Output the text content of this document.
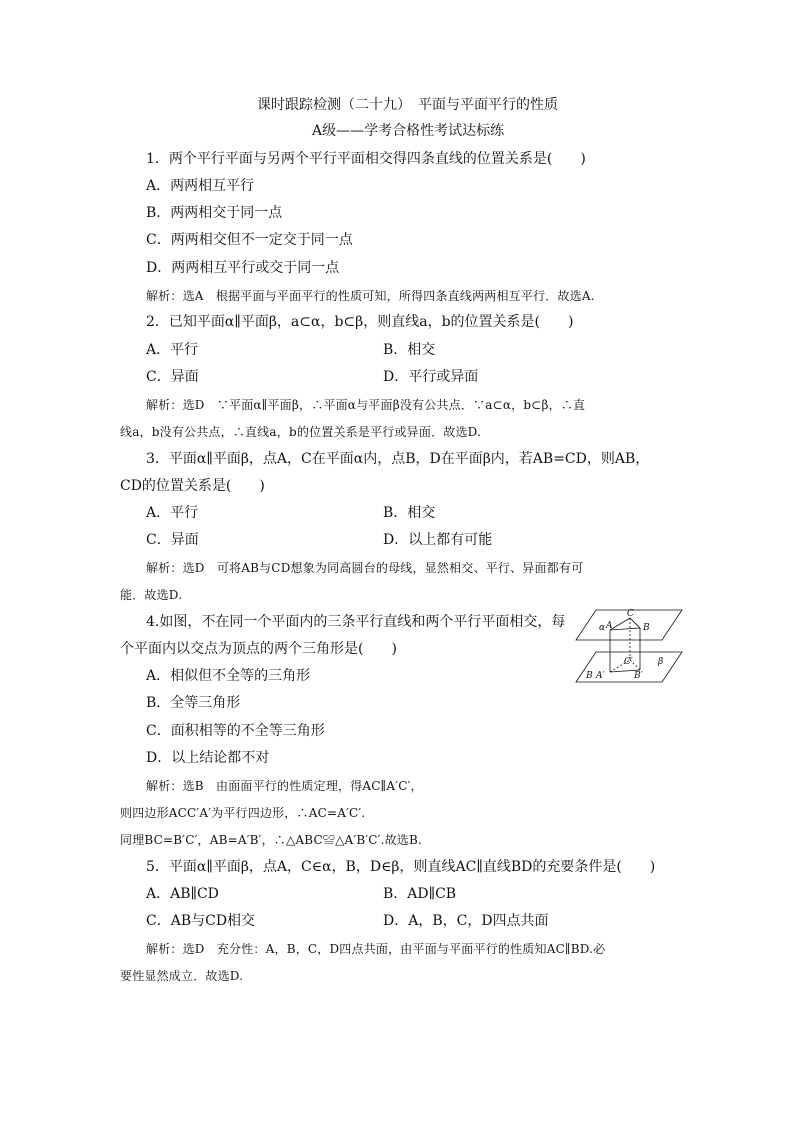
课时跟踪检测（二十九）　平面与平面平行的性质
A级——学考合格性考试达标练
1．两个平行平面与另两个平行平面相交得四条直线的位置关系是(　　)
A．两两相互平行
B．两两相交于同一点
C．两两相交但不一定交于同一点
D．两两相互平行或交于同一点
解析：选A　根据平面与平面平行的性质可知，所得四条直线两两相互平行．故选A.
2．已知平面α∥平面β，a⊂α，b⊂β，则直线a，b的位置关系是(　　)
A．平行	B．相交
C．异面	D．平行或异面
解析：选D　∵平面α∥平面β，∴平面α与平面β没有公共点．∵a⊂α，b⊂β，∴直
线a，b没有公共点，∴直线a，b的位置关系是平行或异面．故选D.
3．平面α∥平面β，点A，C在平面α内，点B，D在平面β内，若AB=CD，则AB，
CD的位置关系是(　　)
A．平行	B．相交
C．异面	D．以上都有可能
解析：选D　可将AB与CD想象为同高圆台的母线，显然相交、平行、异面都有可
能．故选D.
4.如图，不在同一个平面内的三条平行直线和两个平行平面相交，每
个平面内以交点为顶点的两个三角形是(　　)
C
α A	B
C′	β
A′	B′
B
A．相似但不全等的三角形
B．全等三角形
C．面积相等的不全等三角形
D．以上结论都不对
解析：选B　由面面平行的性质定理，得AC∥A′C′，
则四边形ACC′A′为平行四边形，∴AC=A′C′.
同理BC=B′C′，AB=A′B′，∴△ABC≌△A′B′C′.故选B.
5．平面α∥平面β，点A，C∈α，B，D∈β，则直线AC∥直线BD的充要条件是(　　)
A．AB∥CD	B．AD∥CB
C．AB与CD相交	D．A，B，C，D四点共面
解析：选D　充分性：A，B，C，D四点共面，由平面与平面平行的性质知AC∥BD.必
要性显然成立．故选D.
